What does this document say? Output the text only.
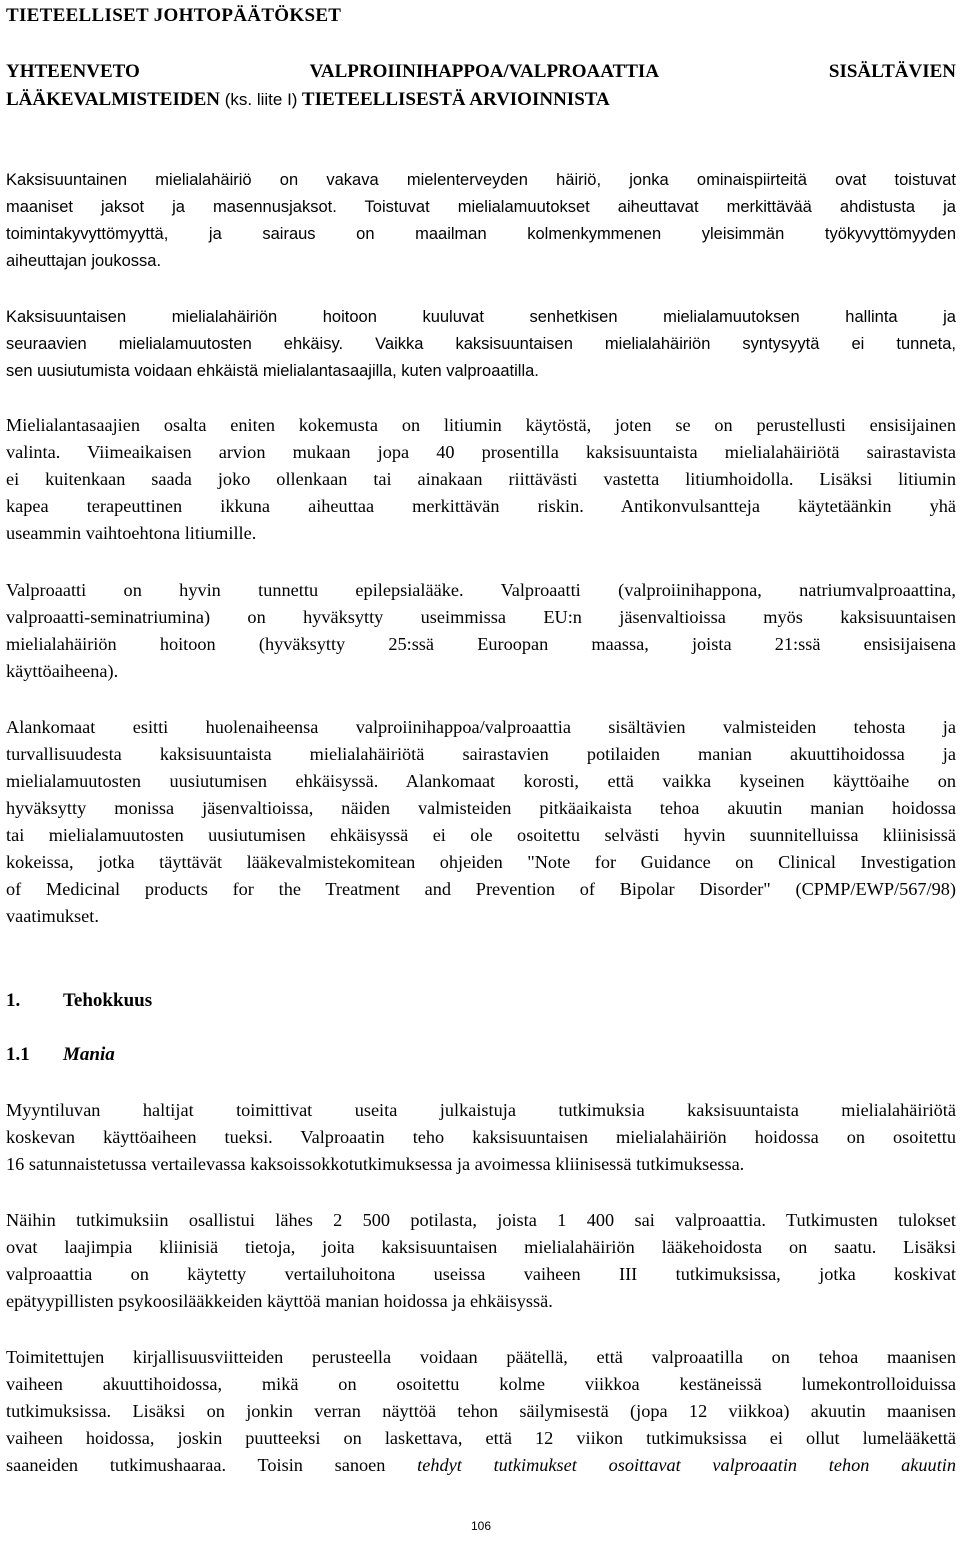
TIETEELLISET JOHTOPÄÄTÖKSET
YHTEENVETO	VALPROIINIHAPPOA/VALPROAATTIA	SISÄLTÄVIEN
LÄÄKEVALMISTEIDEN (ks. liite I) TIETEELLISESTÄ ARVIOINNISTA
Kaksisuuntainen mielialahäiriö on vakava mielenterveyden häiriö, jonka ominaispiirteitä ovat toistuvat
maaniset jaksot ja masennusjaksot. Toistuvat mielialamuutokset aiheuttavat merkittävää ahdistusta ja
toimintakyvyttömyyttä, ja sairaus on maailman kolmenkymmenen yleisimmän työkyvyttömyyden
aiheuttajan joukossa.
Kaksisuuntaisen mielialahäiriön hoitoon kuuluvat senhetkisen mielialamuutoksen hallinta ja
seuraavien mielialamuutosten ehkäisy. Vaikka kaksisuuntaisen mielialahäiriön syntysyytä ei tunneta,
sen uusiutumista voidaan ehkäistä mielialantasaajilla, kuten valproaatilla.
Mielialantasaajien osalta eniten kokemusta on litiumin käytöstä, joten se on perustellusti ensisijainen
valinta. Viimeaikaisen arvion mukaan jopa 40 prosentilla kaksisuuntaista mielialahäiriötä sairastavista
ei kuitenkaan saada joko ollenkaan tai ainakaan riittävästi vastetta litiumhoidolla. Lisäksi litiumin
kapea terapeuttinen ikkuna aiheuttaa merkittävän riskin. Antikonvulsantteja käytetäänkin yhä
useammin vaihtoehtona litiumille.
Valproaatti on hyvin tunnettu epilepsialääke. Valproaatti (valproiinihappona, natriumvalproaattina,
valproaatti-seminatriumina) on hyväksytty useimmissa EU:n jäsenvaltioissa myös kaksisuuntaisen
mielialahäiriön hoitoon (hyväksytty 25:ssä Euroopan maassa, joista 21:ssä ensisijaisena
käyttöaiheena).
Alankomaat esitti huolenaiheensa valproiinihappoa/valproaattia sisältävien valmisteiden tehosta ja
turvallisuudesta kaksisuuntaista mielialahäiriötä sairastavien potilaiden manian akuuttihoidossa ja
mielialamuutosten uusiutumisen ehkäisyssä. Alankomaat korosti, että vaikka kyseinen käyttöaihe on
hyväksytty monissa jäsenvaltioissa, näiden valmisteiden pitkäaikaista tehoa akuutin manian hoidossa
tai mielialamuutosten uusiutumisen ehkäisyssä ei ole osoitettu selvästi hyvin suunnitelluissa kliinisissä
kokeissa, jotka täyttävät lääkevalmistekomitean ohjeiden "Note for Guidance on Clinical Investigation
of Medicinal products for the Treatment and Prevention of Bipolar Disorder" (CPMP/EWP/567/98)
vaatimukset.
1. Tehokkuus
1.1 Mania
Myyntiluvan haltijat toimittivat useita julkaistuja tutkimuksia kaksisuuntaista mielialahäiriötä
koskevan käyttöaiheen tueksi. Valproaatin teho kaksisuuntaisen mielialahäiriön hoidossa on osoitettu
16 satunnaistetussa vertailevassa kaksoissokkotutkimuksessa ja avoimessa kliinisessä tutkimuksessa.
Näihin tutkimuksiin osallistui lähes 2 500 potilasta, joista 1 400 sai valproaattia. Tutkimusten tulokset
ovat laajimpia kliinisiä tietoja, joita kaksisuuntaisen mielialahäiriön lääkehoidosta on saatu. Lisäksi
valproaattia on käytetty vertailuhoitona useissa vaiheen III tutkimuksissa, jotka koskivat
epätyypillisten psykoosilääkkeiden käyttöä manian hoidossa ja ehkäisyssä.
Toimitettujen kirjallisuusviitteiden perusteella voidaan päätellä, että valproaatilla on tehoa maanisen
vaiheen akuuttihoidossa, mikä on osoitettu kolme viikkoa kestäneissä lumekontrolloiduissa
tutkimuksissa. Lisäksi on jonkin verran näyttöä tehon säilymisestä (jopa 12 viikkoa) akuutin maanisen
vaiheen hoidossa, joskin puutteeksi on laskettava, että 12 viikon tutkimuksissa ei ollut lumelääkettä
saaneiden tutkimushaaraa. Toisin sanoen tehdyt tutkimukset osoittavat valproaatin tehon akuutin
106
